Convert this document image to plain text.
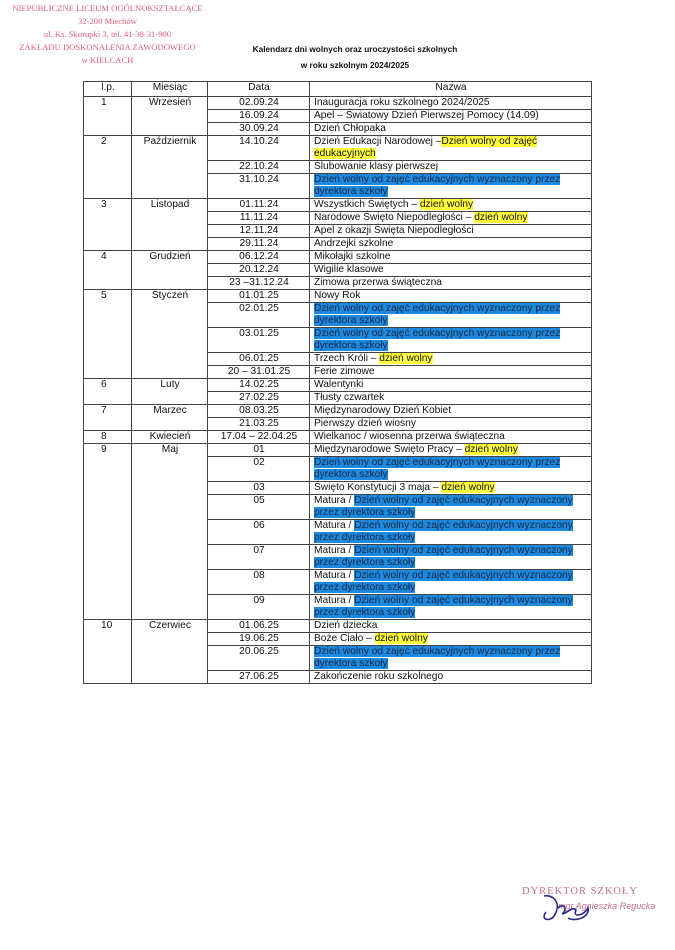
NIEPUBLICZNE LICEUM OGÓLNOKSZTAŁCĄCE
32-200 Miechów
ul. Ks. Skorupki 3, tel. 41-38-31-900
ZAKŁADU DOSKONALENIA ZAWODOWEGO
w KIELCACH
Kalendarz dni wolnych oraz uroczystości szkolnych
w roku szkolnym 2024/2025
l.p.	Miesiąc	Data	Nazwa
1	Wrzesień	02.09.24	Inauguracja roku szkolnego 2024/2025
		16.09.24	Apel – Światowy Dzień Pierwszej Pomocy (14.09)
		30.09.24	Dzień Chłopaka
2	Październik	14.10.24	Dzień Edukacji Narodowej –Dzień wolny od zajęć edukacyjnych
		22.10.24	Ślubowanie klasy pierwszej
		31.10.24	Dzień wolny od zajęć edukacyjnych wyznaczony przez dyrektora szkoły
3	Listopad	01.11.24	Wszystkich Świętych – dzień wolny
		11.11.24	Narodowe Święto Niepodległości – dzień wolny
		12.11.24	Apel z okazji Święta Niepodległości
		29.11.24	Andrzejki szkolne
4	Grudzień	06.12.24	Mikołajki szkolne
		20.12.24	Wigilie klasowe
		23 –31.12.24	Zimowa przerwa świąteczna
5	Styczeń	01.01.25	Nowy Rok
		02.01.25	Dzień wolny od zajęć edukacyjnych wyznaczony przez dyrektora szkoły
		03.01.25	Dzień wolny od zajęć edukacyjnych wyznaczony przez dyrektora szkoły
		06.01.25	Trzech Króli – dzień wolny
		20 – 31.01.25	Ferie zimowe
6	Luty	14.02.25	Walentynki
		27.02.25	Tłusty czwartek
7	Marzec	08.03.25	Międzynarodowy Dzień Kobiet
		21.03.25	Pierwszy dzień wiosny
8	Kwiecień	17.04 – 22.04.25	Wielkanoc / wiosenna przerwa świąteczna
9	Maj	01	Międzynarodowe Święto Pracy – dzień wolny
		02	Dzień wolny od zajęć edukacyjnych wyznaczony przez dyrektora szkoły
		03	Święto Konstytucji 3 maja – dzień wolny
		05	Matura / Dzień wolny od zajęć edukacyjnych wyznaczony przez dyrektora szkoły
		06	Matura / Dzień wolny od zajęć edukacyjnych wyznaczony przez dyrektora szkoły
		07	Matura / Dzień wolny od zajęć edukacyjnych wyznaczony przez dyrektora szkoły
		08	Matura / Dzień wolny od zajęć edukacyjnych wyznaczony przez dyrektora szkoły
		09	Matura / Dzień wolny od zajęć edukacyjnych wyznaczony przez dyrektora szkoły
10	Czerwiec	01.06.25	Dzień dziecka
		19.06.25	Boże Ciało – dzień wolny
		20.06.25	Dzień wolny od zajęć edukacyjnych wyznaczony przez dyrektora szkoły
		27.06.25	Zakończenie roku szkolnego
DYREKTOR SZKOŁY
mgr Agnieszka Regucka
